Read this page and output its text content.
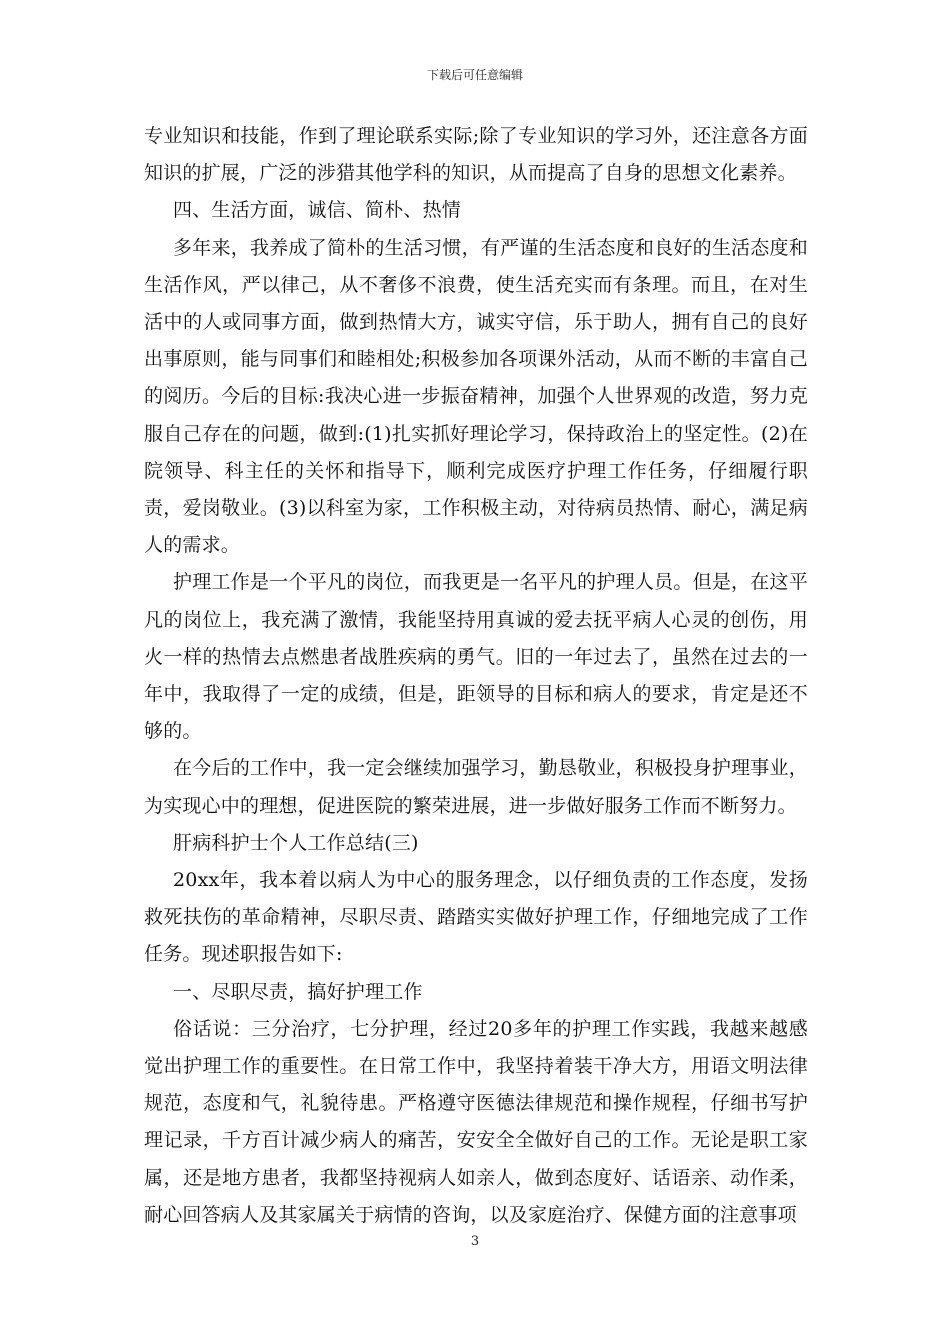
下载后可任意编辑

专业知识和技能，作到了理论联系实际;除了专业知识的学习外，还注意各方面知识的扩展，广泛的涉猎其他学科的知识，从而提高了自身的思想文化素养。

四、生活方面，诚信、简朴、热情

多年来，我养成了简朴的生活习惯，有严谨的生活态度和良好的生活态度和生活作风，严以律己，从不奢侈不浪费，使生活充实而有条理。而且，在对生活中的人或同事方面，做到热情大方，诚实守信，乐于助人，拥有自己的良好出事原则，能与同事们和睦相处;积极参加各项课外活动，从而不断的丰富自己的阅历。今后的目标:我决心进一步振奋精神，加强个人世界观的改造，努力克服自己存在的问题，做到:(1)扎实抓好理论学习，保持政治上的坚定性。(2)在院领导、科主任的关怀和指导下，顺利完成医疗护理工作任务，仔细履行职责，爱岗敬业。(3)以科室为家，工作积极主动，对待病员热情、耐心，满足病人的需求。

护理工作是一个平凡的岗位，而我更是一名平凡的护理人员。但是，在这平凡的岗位上，我充满了激情，我能坚持用真诚的爱去抚平病人心灵的创伤，用火一样的热情去点燃患者战胜疾病的勇气。旧的一年过去了，虽然在过去的一年中，我取得了一定的成绩，但是，距领导的目标和病人的要求，肯定是还不够的。

在今后的工作中，我一定会继续加强学习，勤恳敬业，积极投身护理事业，为实现心中的理想，促进医院的繁荣进展，进一步做好服务工作而不断努力。

肝病科护士个人工作总结(三)

20xx年，我本着以病人为中心的服务理念，以仔细负责的工作态度，发扬救死扶伤的革命精神，尽职尽责、踏踏实实做好护理工作，仔细地完成了工作任务。现述职报告如下:

一、尽职尽责，搞好护理工作

俗话说：三分治疗，七分护理，经过20多年的护理工作实践，我越来越感觉出护理工作的重要性。在日常工作中，我坚持着装干净大方，用语文明法律规范，态度和气，礼貌待患。严格遵守医德法律规范和操作规程，仔细书写护理记录，千方百计减少病人的痛苦，安安全全做好自己的工作。无论是职工家属，还是地方患者，我都坚持视病人如亲人，做到态度好、话语亲、动作柔，耐心回答病人及其家属关于病情的咨询，以及家庭治疗、保健方面的注意事项

3
